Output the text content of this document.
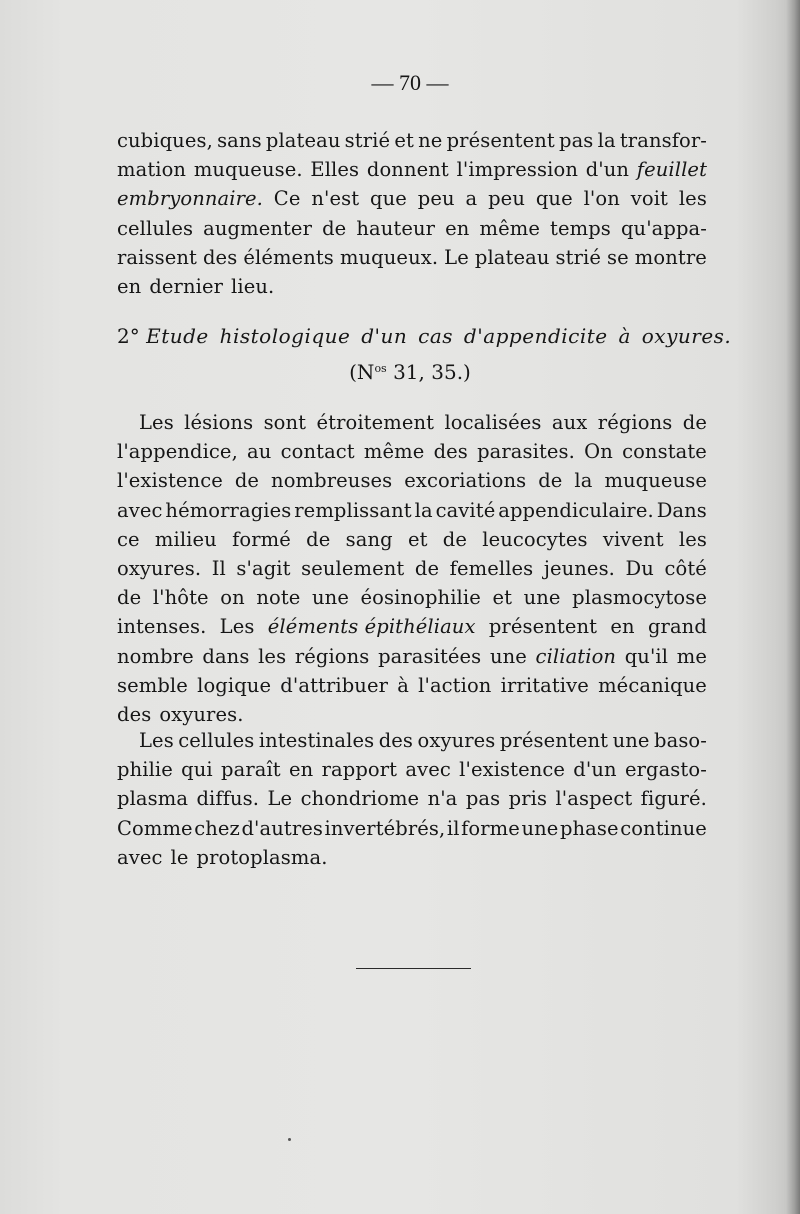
— 70 —
cubiques, sans plateau strié et ne présentent pas la transfor-
mation muqueuse. Elles donnent l'impression d'un feuillet
embryonnaire. Ce n'est que peu a peu que l'on voit les
cellules augmenter de hauteur en même temps qu'appa-
raissent des éléments muqueux. Le plateau strié se montre
en dernier lieu.
2° Etude histologique d'un cas d'appendicite à oxyures.
($N^{os}$ 31, 35.)
Les lésions sont étroitement localisées aux régions de
l'appendice, au contact même des parasites. On constate
l'existence de nombreuses excoriations de la muqueuse
avec hémorragies remplissant la cavité appendiculaire. Dans
ce milieu formé de sang et de leucocytes vivent les
oxyures. Il s'agit seulement de femelles jeunes. Du côté
de l'hôte on note une éosinophilie et une plasmocytose
intenses. Les éléments épithéliaux présentent en grand
nombre dans les régions parasitées une ciliation qu'il me
semble logique d'attribuer à l'action irritative mécanique
des oxyures.
Les cellules intestinales des oxyures présentent une baso-
philie qui paraît en rapport avec l'existence d'un ergasto-
plasma diffus. Le chondriome n'a pas pris l'aspect figuré.
Comme chez d'autres invertébrés, il forme une phase continue
avec le protoplasma.
